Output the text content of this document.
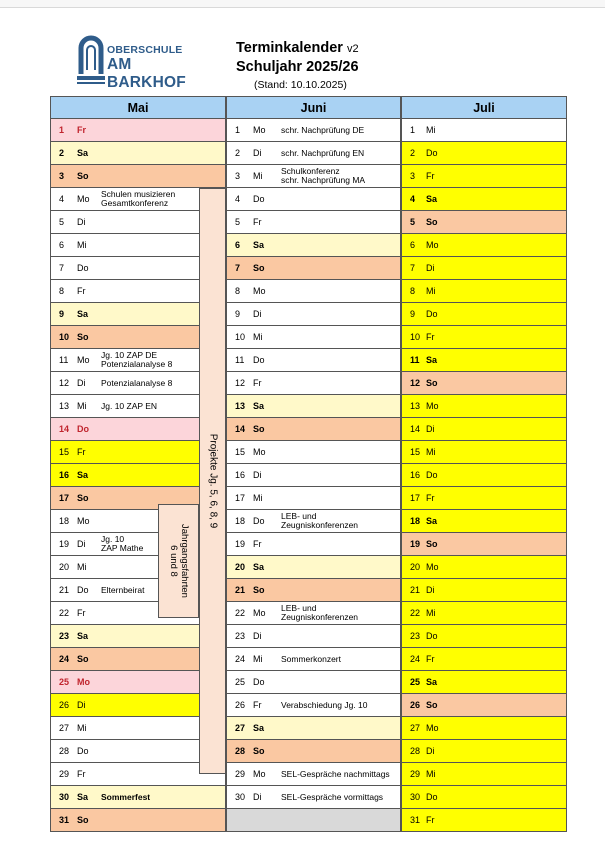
OBERSCHULE
AM BARKHOF
Terminkalender v2
Schuljahr 2025/26
(Stand: 10.10.2025)
Mai
1 Fr
2 Sa
3 So
4 Mo Schulen musizieren
Gesamtkonferenz
5 Di
6 Mi
7 Do
8 Fr
9 Sa
10 So
11 Mo Jg. 10 ZAP DE
Potenzialanalyse 8
12 Di Potenzialanalyse 8
13 Mi Jg. 10 ZAP EN
14 Do
15 Fr
16 Sa
17 So
18 Mo
19 Di Jg. 10
ZAP Mathe
20 Mi
21 Do Elternbeirat
22 Fr
23 Sa
24 So
25 Mo
26 Di
27 Mi
28 Do
29 Fr
30 Sa Sommerfest
31 So
Projekte Jg. 5, 6, 8, 9
Jahrgangsfahrten
6 und 8
Juni
1 Mo schr. Nachprüfung DE
2 Di schr. Nachprüfung EN
3 Mi Schulkonferenz
schr. Nachprüfung MA
4 Do
5 Fr
6 Sa
7 So
8 Mo
9 Di
10 Mi
11 Do
12 Fr
13 Sa
14 So
15 Mo
16 Di
17 Mi
18 Do LEB- und
Zeugniskonferenzen
19 Fr
20 Sa
21 So
22 Mo LEB- und
Zeugniskonferenzen
23 Di
24 Mi Sommerkonzert
25 Do
26 Fr Verabschiedung Jg. 10
27 Sa
28 So
29 Mo SEL-Gespräche nachmittags
30 Di SEL-Gespräche vormittags
Juli
1 Mi
2 Do
3 Fr
4 Sa
5 So
6 Mo
7 Di
8 Mi
9 Do
10 Fr
11 Sa
12 So
13 Mo
14 Di
15 Mi
16 Do
17 Fr
18 Sa
19 So
20 Mo
21 Di
22 Mi
23 Do
24 Fr
25 Sa
26 So
27 Mo
28 Di
29 Mi
30 Do
31 Fr
